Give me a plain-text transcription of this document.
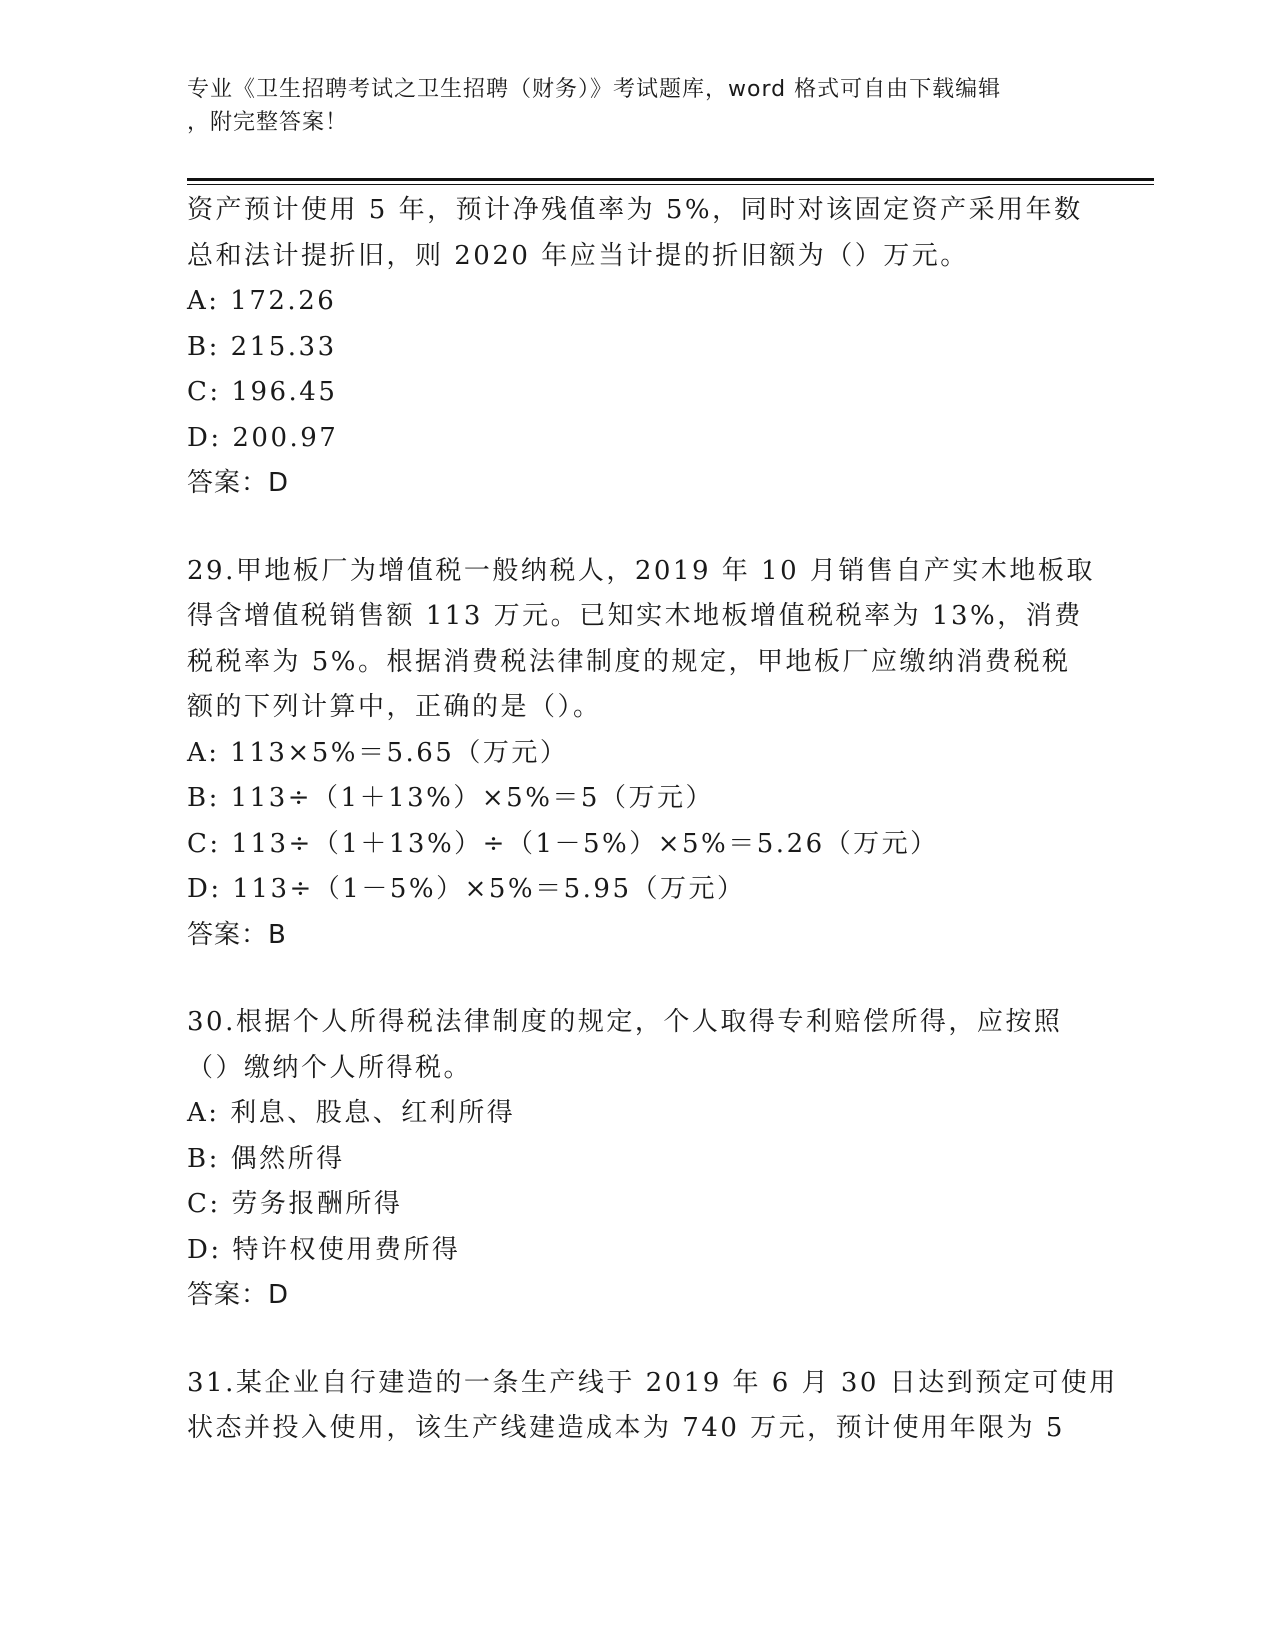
专业《卫生招聘考试之卫生招聘（财务）》考试题库，word 格式可自由下载编辑
，附完整答案！
资产预计使用 5 年，预计净残值率为 5%，同时对该固定资产采用年数
总和法计提折旧，则 2020 年应当计提的折旧额为（）万元。
A: 172.26
B: 215.33
C: 196.45
D: 200.97
答案：D
29.甲地板厂为增值税一般纳税人，2019 年 10 月销售自产实木地板取
得含增值税销售额 113 万元。已知实木地板增值税税率为 13%，消费
税税率为 5%。根据消费税法律制度的规定，甲地板厂应缴纳消费税税
额的下列计算中，正确的是（）。
A: 113×5%＝5.65（万元）
B: 113÷（1＋13%）×5%＝5（万元）
C: 113÷（1＋13%）÷（1－5%）×5%＝5.26（万元）
D: 113÷（1－5%）×5%＝5.95（万元）
答案：B
30.根据个人所得税法律制度的规定，个人取得专利赔偿所得，应按照
（）缴纳个人所得税。
A: 利息、股息、红利所得
B: 偶然所得
C: 劳务报酬所得
D: 特许权使用费所得
答案：D
31.某企业自行建造的一条生产线于 2019 年 6 月 30 日达到预定可使用
状态并投入使用，该生产线建造成本为 740 万元，预计使用年限为 5
